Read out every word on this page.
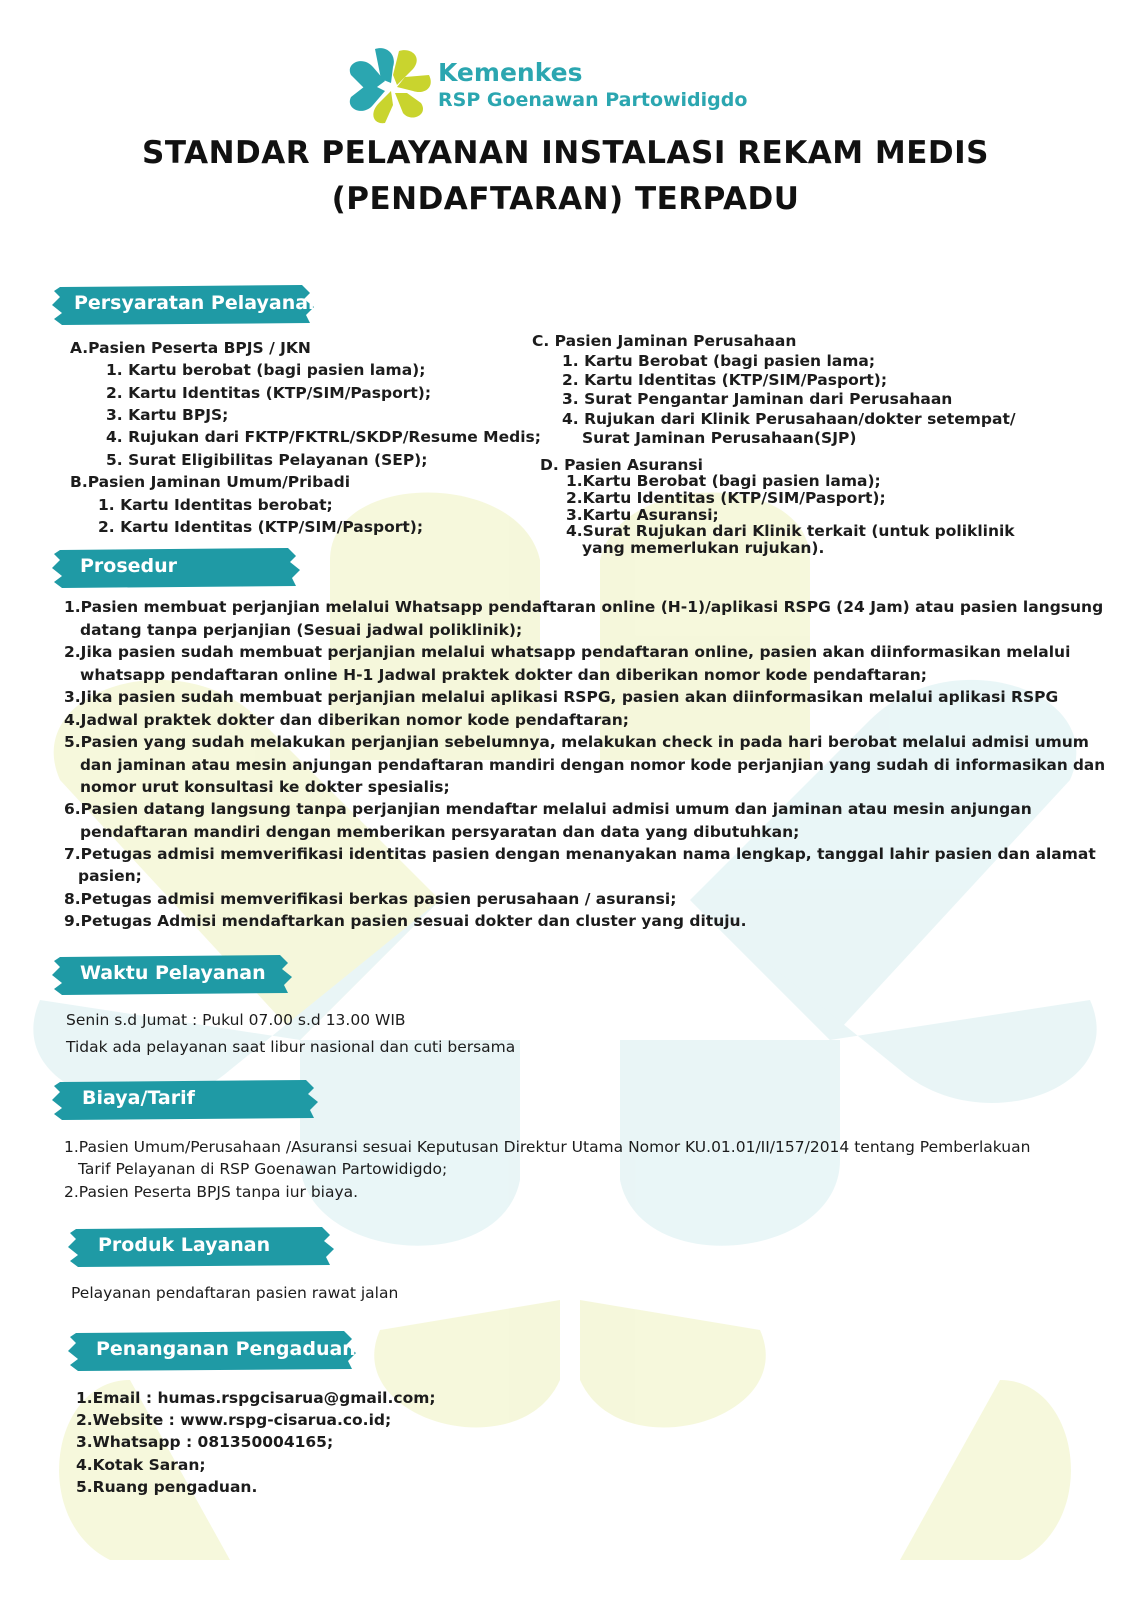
Kemenkes
RSP Goenawan Partowidigdo
STANDAR PELAYANAN INSTALASI REKAM MEDIS
(PENDAFTARAN) TERPADU
Persyaratan Pelayanan
A.Pasien Peserta BPJS / JKN
1. Kartu berobat (bagi pasien lama);
2. Kartu Identitas (KTP/SIM/Pasport);
3. Kartu BPJS;
4. Rujukan dari FKTP/FKTRL/SKDP/Resume Medis;
5. Surat Eligibilitas Pelayanan (SEP);
B.Pasien Jaminan Umum/Pribadi
1. Kartu Identitas berobat;
2. Kartu Identitas (KTP/SIM/Pasport);
C. Pasien Jaminan Perusahaan
1. Kartu Berobat (bagi pasien lama;
2. Kartu Identitas (KTP/SIM/Pasport);
3. Surat Pengantar Jaminan dari Perusahaan
4. Rujukan dari Klinik Perusahaan/dokter setempat/
Surat Jaminan Perusahaan(SJP)
D. Pasien Asuransi
1.Kartu Berobat (bagi pasien lama);
2.Kartu Identitas (KTP/SIM/Pasport);
3.Kartu Asuransi;
4.Surat Rujukan dari Klinik terkait (untuk poliklinik
yang memerlukan rujukan).
Prosedur
1.Pasien membuat perjanjian melalui Whatsapp pendaftaran online (H-1)/aplikasi RSPG (24 Jam) atau pasien langsung
datang tanpa perjanjian (Sesuai jadwal poliklinik);
2.Jika pasien sudah membuat perjanjian melalui whatsapp pendaftaran online, pasien akan diinformasikan melalui
whatsapp pendaftaran online H-1 Jadwal praktek dokter dan diberikan nomor kode pendaftaran;
3.Jika pasien sudah membuat perjanjian melalui aplikasi RSPG, pasien akan diinformasikan melalui aplikasi RSPG
4.Jadwal praktek dokter dan diberikan nomor kode pendaftaran;
5.Pasien yang sudah melakukan perjanjian sebelumnya, melakukan check in pada hari berobat melalui admisi umum
dan jaminan atau mesin anjungan pendaftaran mandiri dengan nomor kode perjanjian yang sudah di informasikan dan
nomor urut konsultasi ke dokter spesialis;
6.Pasien datang langsung tanpa perjanjian mendaftar melalui admisi umum dan jaminan atau mesin anjungan
pendaftaran mandiri dengan memberikan persyaratan dan data yang dibutuhkan;
7.Petugas admisi memverifikasi identitas pasien dengan menanyakan nama lengkap, tanggal lahir pasien dan alamat
pasien;
8.Petugas admisi memverifikasi berkas pasien perusahaan / asuransi;
9.Petugas Admisi mendaftarkan pasien sesuai dokter dan cluster yang dituju.
Waktu Pelayanan
Senin s.d Jumat : Pukul 07.00 s.d 13.00 WIB
Tidak ada pelayanan saat libur nasional dan cuti bersama
Biaya/Tarif
1.Pasien Umum/Perusahaan /Asuransi sesuai Keputusan Direktur Utama Nomor KU.01.01/II/157/2014 tentang Pemberlakuan
Tarif Pelayanan di RSP Goenawan Partowidigdo;
2.Pasien Peserta BPJS tanpa iur biaya.
Produk Layanan
Pelayanan pendaftaran pasien rawat jalan
Penanganan Pengaduan
1.Email : humas.rspgcisarua@gmail.com;
2.Website : www.rspg-cisarua.co.id;
3.Whatsapp : 081350004165;
4.Kotak Saran;
5.Ruang pengaduan.
